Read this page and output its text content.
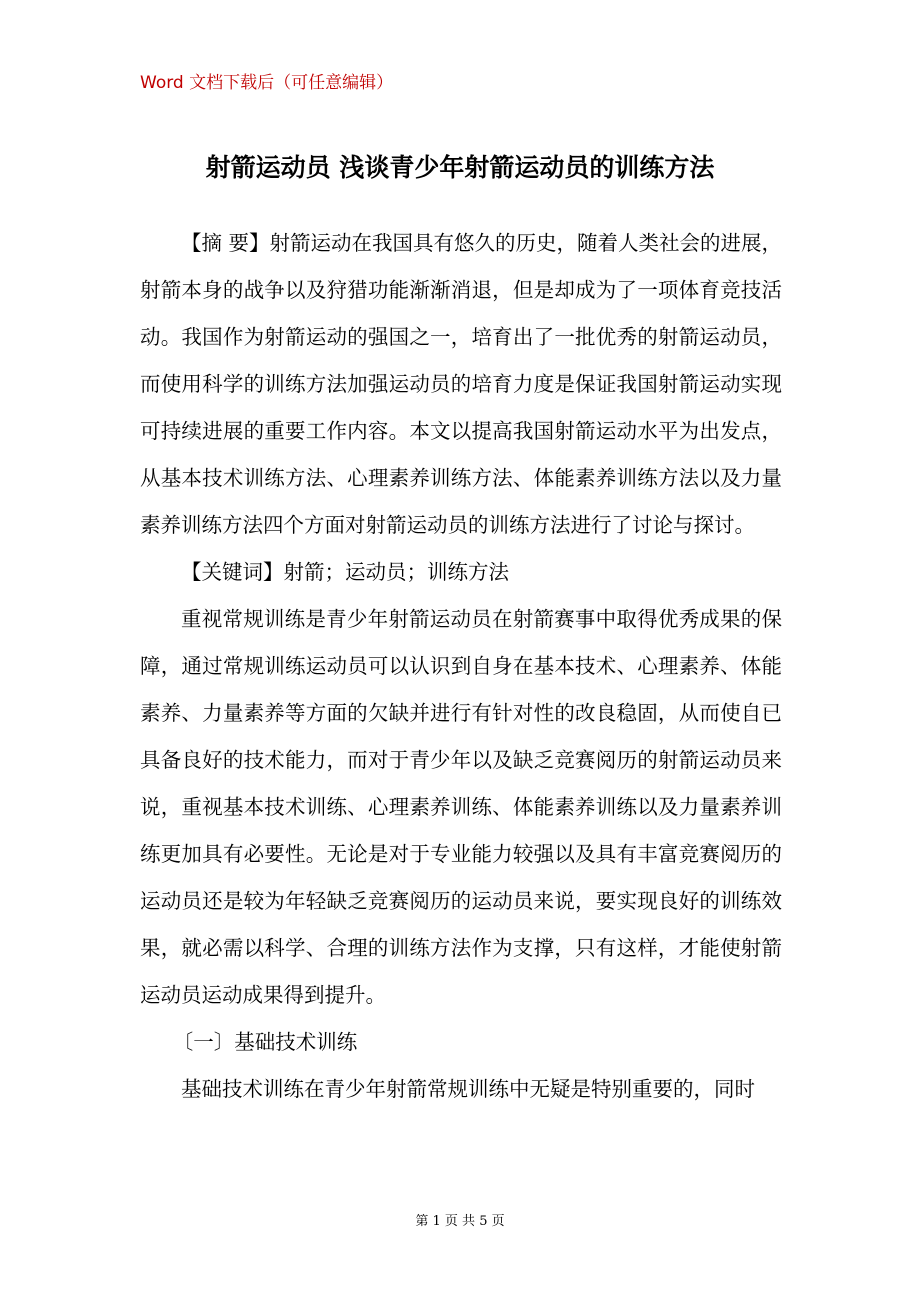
Word 文档下载后（可任意编辑）
射箭运动员 浅谈青少年射箭运动员的训练方法

【摘 要】射箭运动在我国具有悠久的历史，随着人类社会的进展，射箭本身的战争以及狩猎功能渐渐消退，但是却成为了一项体育竞技活动。我国作为射箭运动的强国之一，培育出了一批优秀的射箭运动员，而使用科学的训练方法加强运动员的培育力度是保证我国射箭运动实现可持续进展的重要工作内容。本文以提高我国射箭运动水平为出发点，从基本技术训练方法、心理素养训练方法、体能素养训练方法以及力量素养训练方法四个方面对射箭运动员的训练方法进行了讨论与探讨。

【关键词】射箭；运动员；训练方法

重视常规训练是青少年射箭运动员在射箭赛事中取得优秀成果的保障，通过常规训练运动员可以认识到自身在基本技术、心理素养、体能素养、力量素养等方面的欠缺并进行有针对性的改良稳固，从而使自已具备良好的技术能力，而对于青少年以及缺乏竞赛阅历的射箭运动员来说，重视基本技术训练、心理素养训练、体能素养训练以及力量素养训练更加具有必要性。无论是对于专业能力较强以及具有丰富竞赛阅历的运动员还是较为年轻缺乏竞赛阅历的运动员来说，要实现良好的训练效果，就必需以科学、合理的训练方法作为支撑，只有这样，才能使射箭运动员运动成果得到提升。

〔一〕基础技术训练

基础技术训练在青少年射箭常规训练中无疑是特别重要的，同时

第 1 页 共 5 页
